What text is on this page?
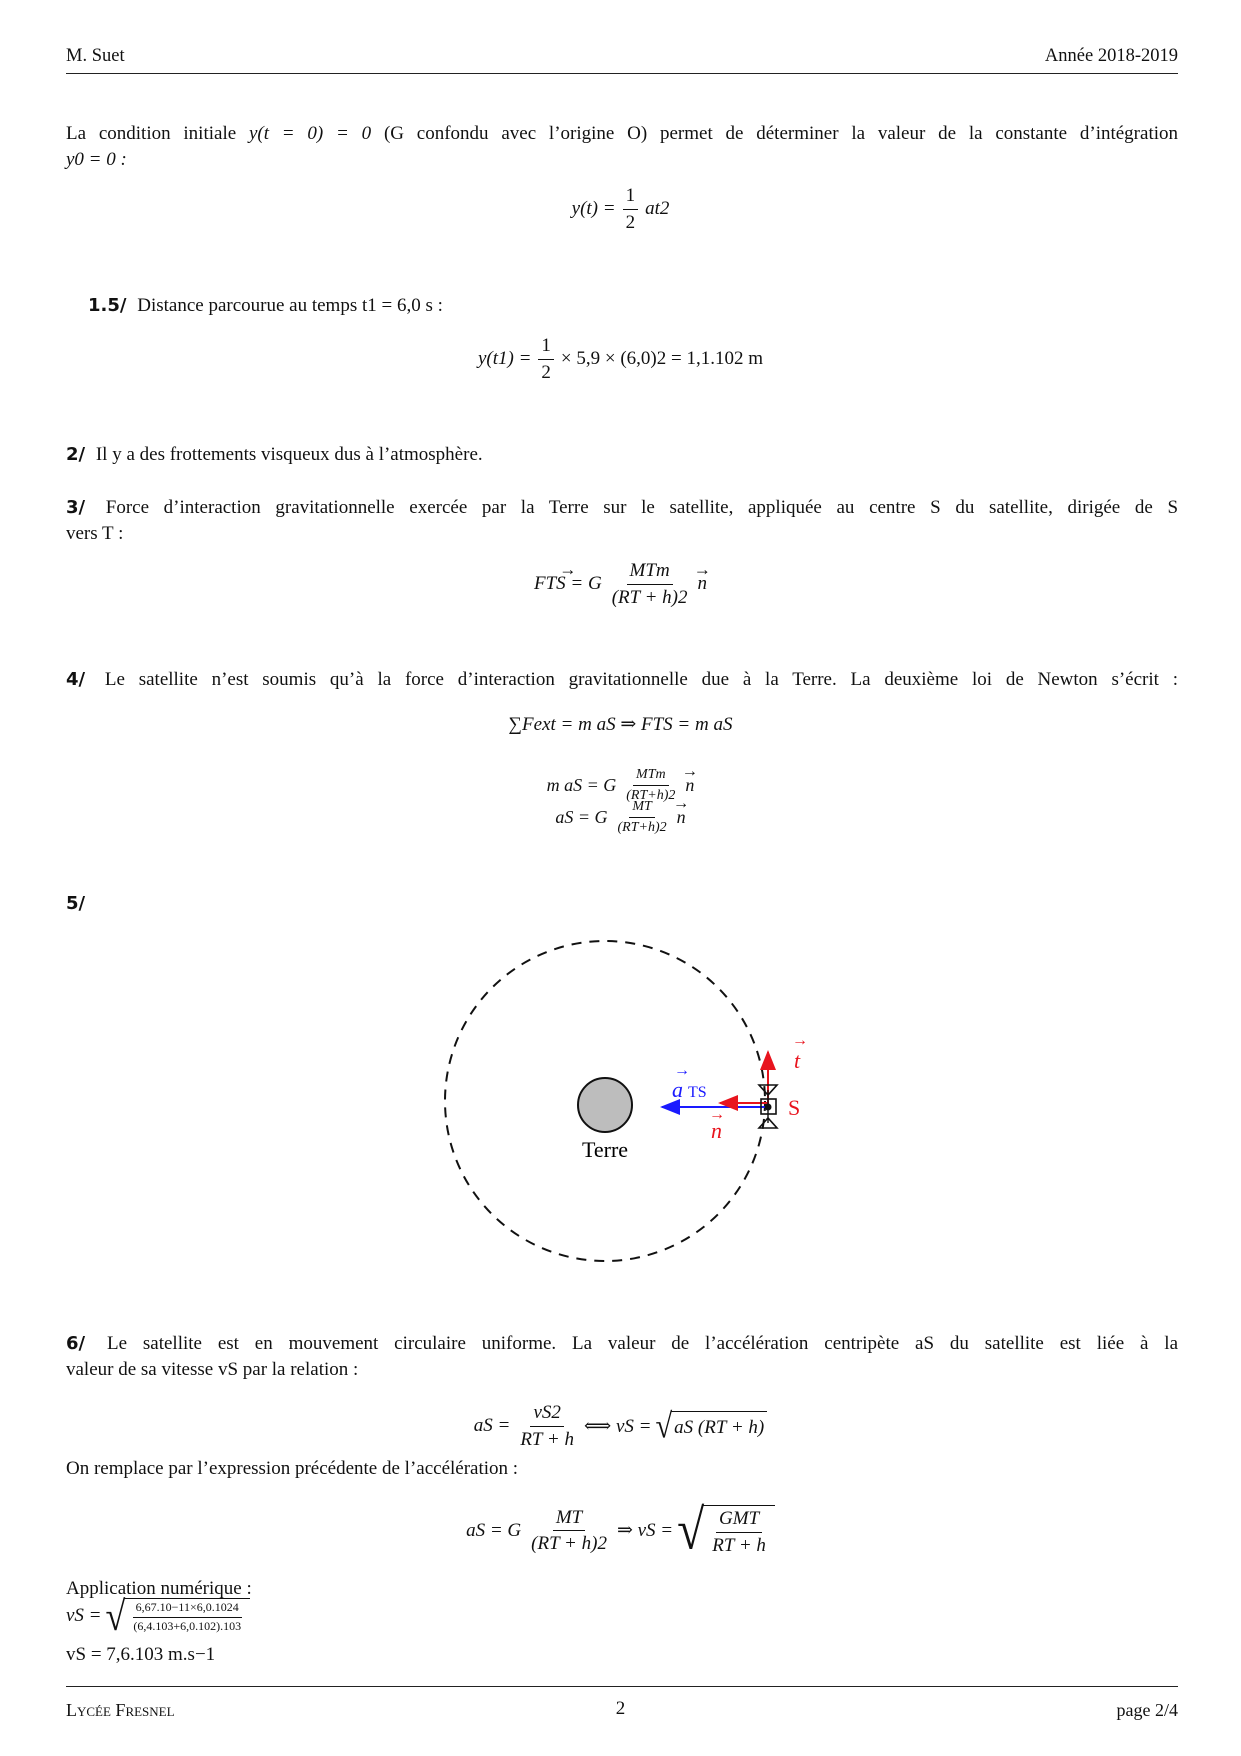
M. Suet	Année 2018-2019
La condition initiale y(t = 0) = 0 (G confondu avec l’origine O) permet de déterminer la valeur de la constante d’intégration
y0 = 0 :
$y(t) = \frac{1}{2} at2$
1.5/ Distance parcourue au temps t1 = 6,0 s :
$y(t1) = \frac{1}{2} \times 5,9 \times (6,0)2 = 1,1.102$ m
2/ Il y a des frottements visqueux dus à l’atmosphère.
3/ Force d’interaction gravitationnelle exercée par la Terre sur le satellite, appliquée au centre S du satellite, dirigée de S
vers T :
→ FTS = G $\frac{\text{MTm}}{(RT + h)2}$
→ n
4/ Le satellite n’est soumis qu’à la force d’interaction gravitationnelle due à la Terre. La deuxième loi de Newton s’écrit :
∑Fext = m aS ⇒ FTS = m aS
m aS = G $\frac{\text{MTm}}{(RT+h)2}$
→ n
aS = G $\frac{MT}{(RT+h)2}$
→ n
5/
Terre
S
a TS
→	t
→
n
→
6/ Le satellite est en mouvement circulaire uniforme. La valeur de l’accélération centripète aS du satellite est liée à la
valeur de sa vitesse vS par la relation :
aS = $\frac{vS2}{RT + h}$ ⟺ vS = √ aS (RT + h)
On remplace par l’expression précédente de l’accélération :
aS = G $\frac{MT}{(RT + h)2}$ ⇒ vS = √ $\frac{\text{GMT}}{RT + h}$
Application numérique :
vS = √ $\frac{6,67.10-11\times 6,0.1024}{(6,4.103+6,0.102).103}$
vS = 7,6.103 m.s−1
Lycée Fresnel	2	page 2/4
